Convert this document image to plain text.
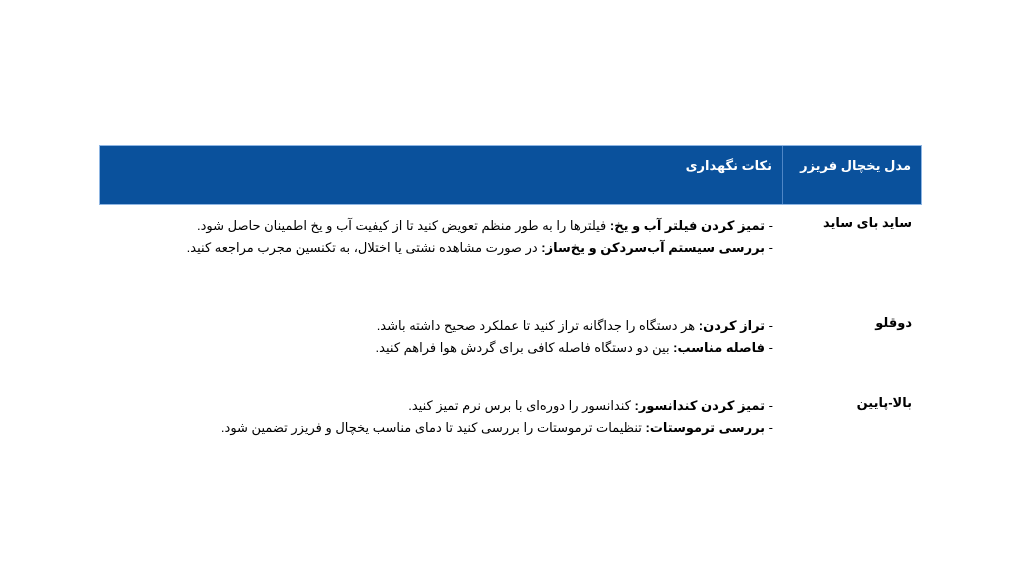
مدل یخچال فریزر
نکات نگهداری
ساید بای ساید
- تمیز کردن فیلتر آب و یخ: فیلترها را به طور منظم تعویض کنید تا از کیفیت آب و یخ اطمینان حاصل شود.
- بررسی سیستم آب‌سردکن و یخ‌ساز: در صورت مشاهده نشتی یا اختلال، به تکنسین مجرب مراجعه کنید.
دوقلو
- تراز کردن: هر دستگاه را جداگانه تراز کنید تا عملکرد صحیح داشته باشد.
- فاصله مناسب: بین دو دستگاه فاصله کافی برای گردش هوا فراهم کنید.
بالا-پایین
- تمیز کردن کندانسور: کندانسور را دوره‌ای با برس نرم تمیز کنید.
- بررسی ترموستات: تنظیمات ترموستات را بررسی کنید تا دمای مناسب یخچال و فریزر تضمین شود.
